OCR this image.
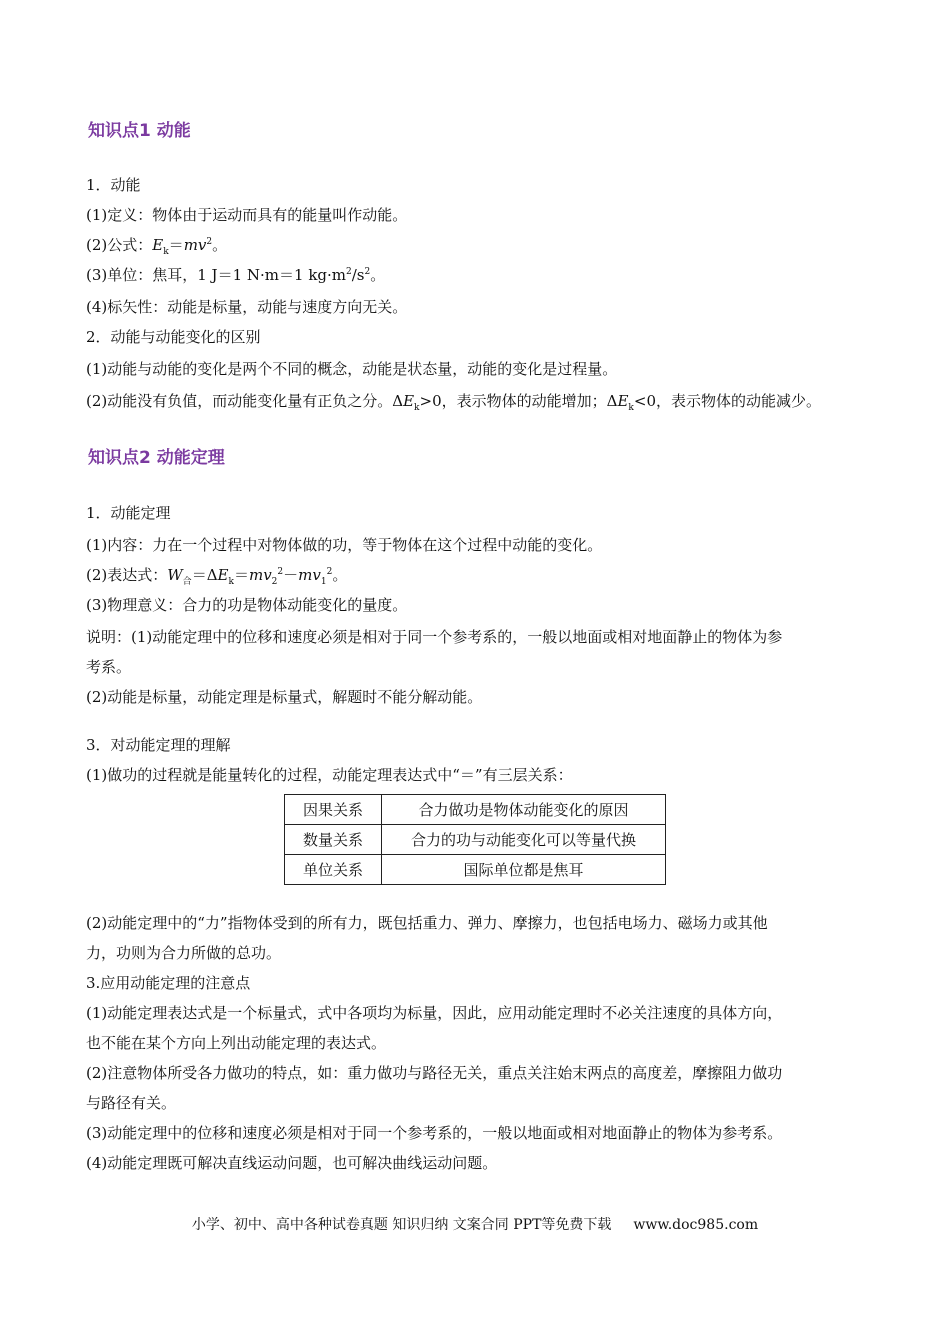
知识点1 动能
1．动能
(1)定义：物体由于运动而具有的能量叫作动能。
(2)公式：$E_k=mv^2$。
(3)单位：焦耳，1 J＝1 N·m＝1 $kg\cdot m^2/s^2$。
(4)标矢性：动能是标量，动能与速度方向无关。
2．动能与动能变化的区别
(1)动能与动能的变化是两个不同的概念，动能是状态量，动能的变化是过程量。
(2)动能没有负值，而动能变化量有正负之分。$\Delta E_k>0$，表示物体的动能增加；$\Delta E_k<0$，表示物体的动能减少。
知识点2 动能定理
1．动能定理
(1)内容：力在一个过程中对物体做的功，等于物体在这个过程中动能的变化。
(2)表达式：$W_合=\Delta E_k=mv_2^2-mv_1^2$。
(3)物理意义：合力的功是物体动能变化的量度。
说明：(1)动能定理中的位移和速度必须是相对于同一个参考系的，一般以地面或相对地面静止的物体为参
考系。
(2)动能是标量，动能定理是标量式，解题时不能分解动能。
3．对动能定理的理解
(1)做功的过程就是能量转化的过程，动能定理表达式中“＝”有三层关系：
因果关系	合力做功是物体动能变化的原因
数量关系	合力的功与动能变化可以等量代换
单位关系	国际单位都是焦耳
(2)动能定理中的“力”指物体受到的所有力，既包括重力、弹力、摩擦力，也包括电场力、磁场力或其他
力，功则为合力所做的总功。
3.应用动能定理的注意点
(1)动能定理表达式是一个标量式，式中各项均为标量，因此，应用动能定理时不必关注速度的具体方向，
也不能在某个方向上列出动能定理的表达式。
(2)注意物体所受各力做功的特点，如：重力做功与路径无关，重点关注始末两点的高度差，摩擦阻力做功
与路径有关。
(3)动能定理中的位移和速度必须是相对于同一个参考系的，一般以地面或相对地面静止的物体为参考系。
(4)动能定理既可解决直线运动问题，也可解决曲线运动问题。
小学、初中、高中各种试卷真题 知识归纳 文案合同 PPT等免费下载 www.doc985.com
